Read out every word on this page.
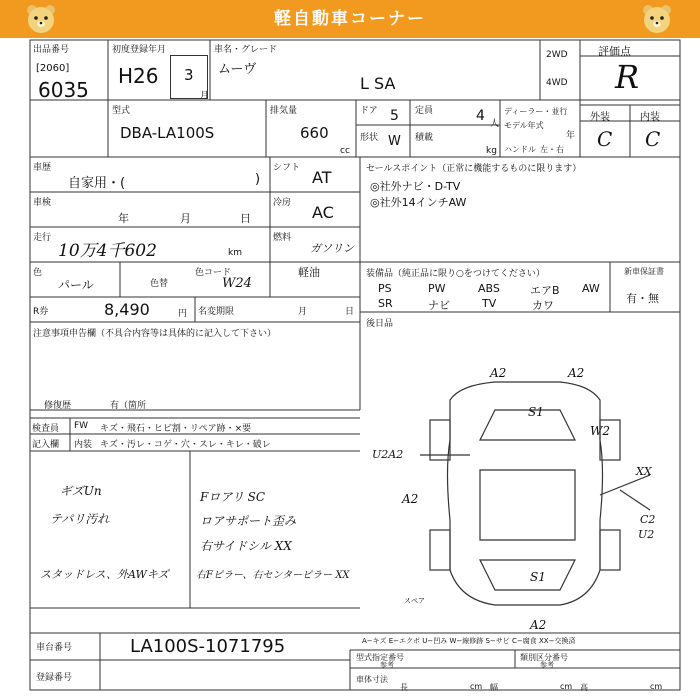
軽自動車コーナー
出品番号
[2060]
6035
初度登録年月
H26 3
月
車名・グレード
ムーヴ
L SA
2WD
4WD
評価点
R
外装	内装
C C
型式
DBA-LA100S
排気量
660
cc
ドア 5 定員	4 人
ディーラー・並行
モデル年式
年
形状 W 積載
kg ハンドル 左・右
車歴
自家用・(	)
シフト AT
車検
年	月	日
冷房 AC
走行
10万4千602	km
燃料
ガソリン
軽油
色
パール	色替
色コード
W24
R券	8,490	円 名変期限	月	日
セールスポイント（正常に機能するものに限ります）
◎社外ナビ・D-TV
◎社外14インチAW
装備品（純正品に限り○をつけてください）	新車保証書
有・無
PS	PW	ABS	エアB AW
SR	ナビ	TV	カワ
後日品
注意事項申告欄（不具合内容等は具体的に記入して下さい）
修復歴	有（箇所
検査員
記入欄
FW
内装
キズ・飛石・ヒビ割・リペア跡・×要
キズ・汚レ・コゲ・穴・スレ・キレ・破レ
ギズUn
テパリ汚れ
スタッドレス、外AWキズ
Fロアリ SC
ロアサポート歪み
右サイドシル XX
右Fピラー、右センターピラー XX
A2	A2
S1
W2
U2A2
XX
A2
C2
U2
S1
A2
スペア
A−キズ E−エクボ U−凹み W−線修跡 S−サビ C−腐食 XX−交換済
車台番号	LA100S-1071795
登録番号
型式指定番号	類別区分番号
参考	参考
車体寸法
長	cm 幅	cm 高	cm
